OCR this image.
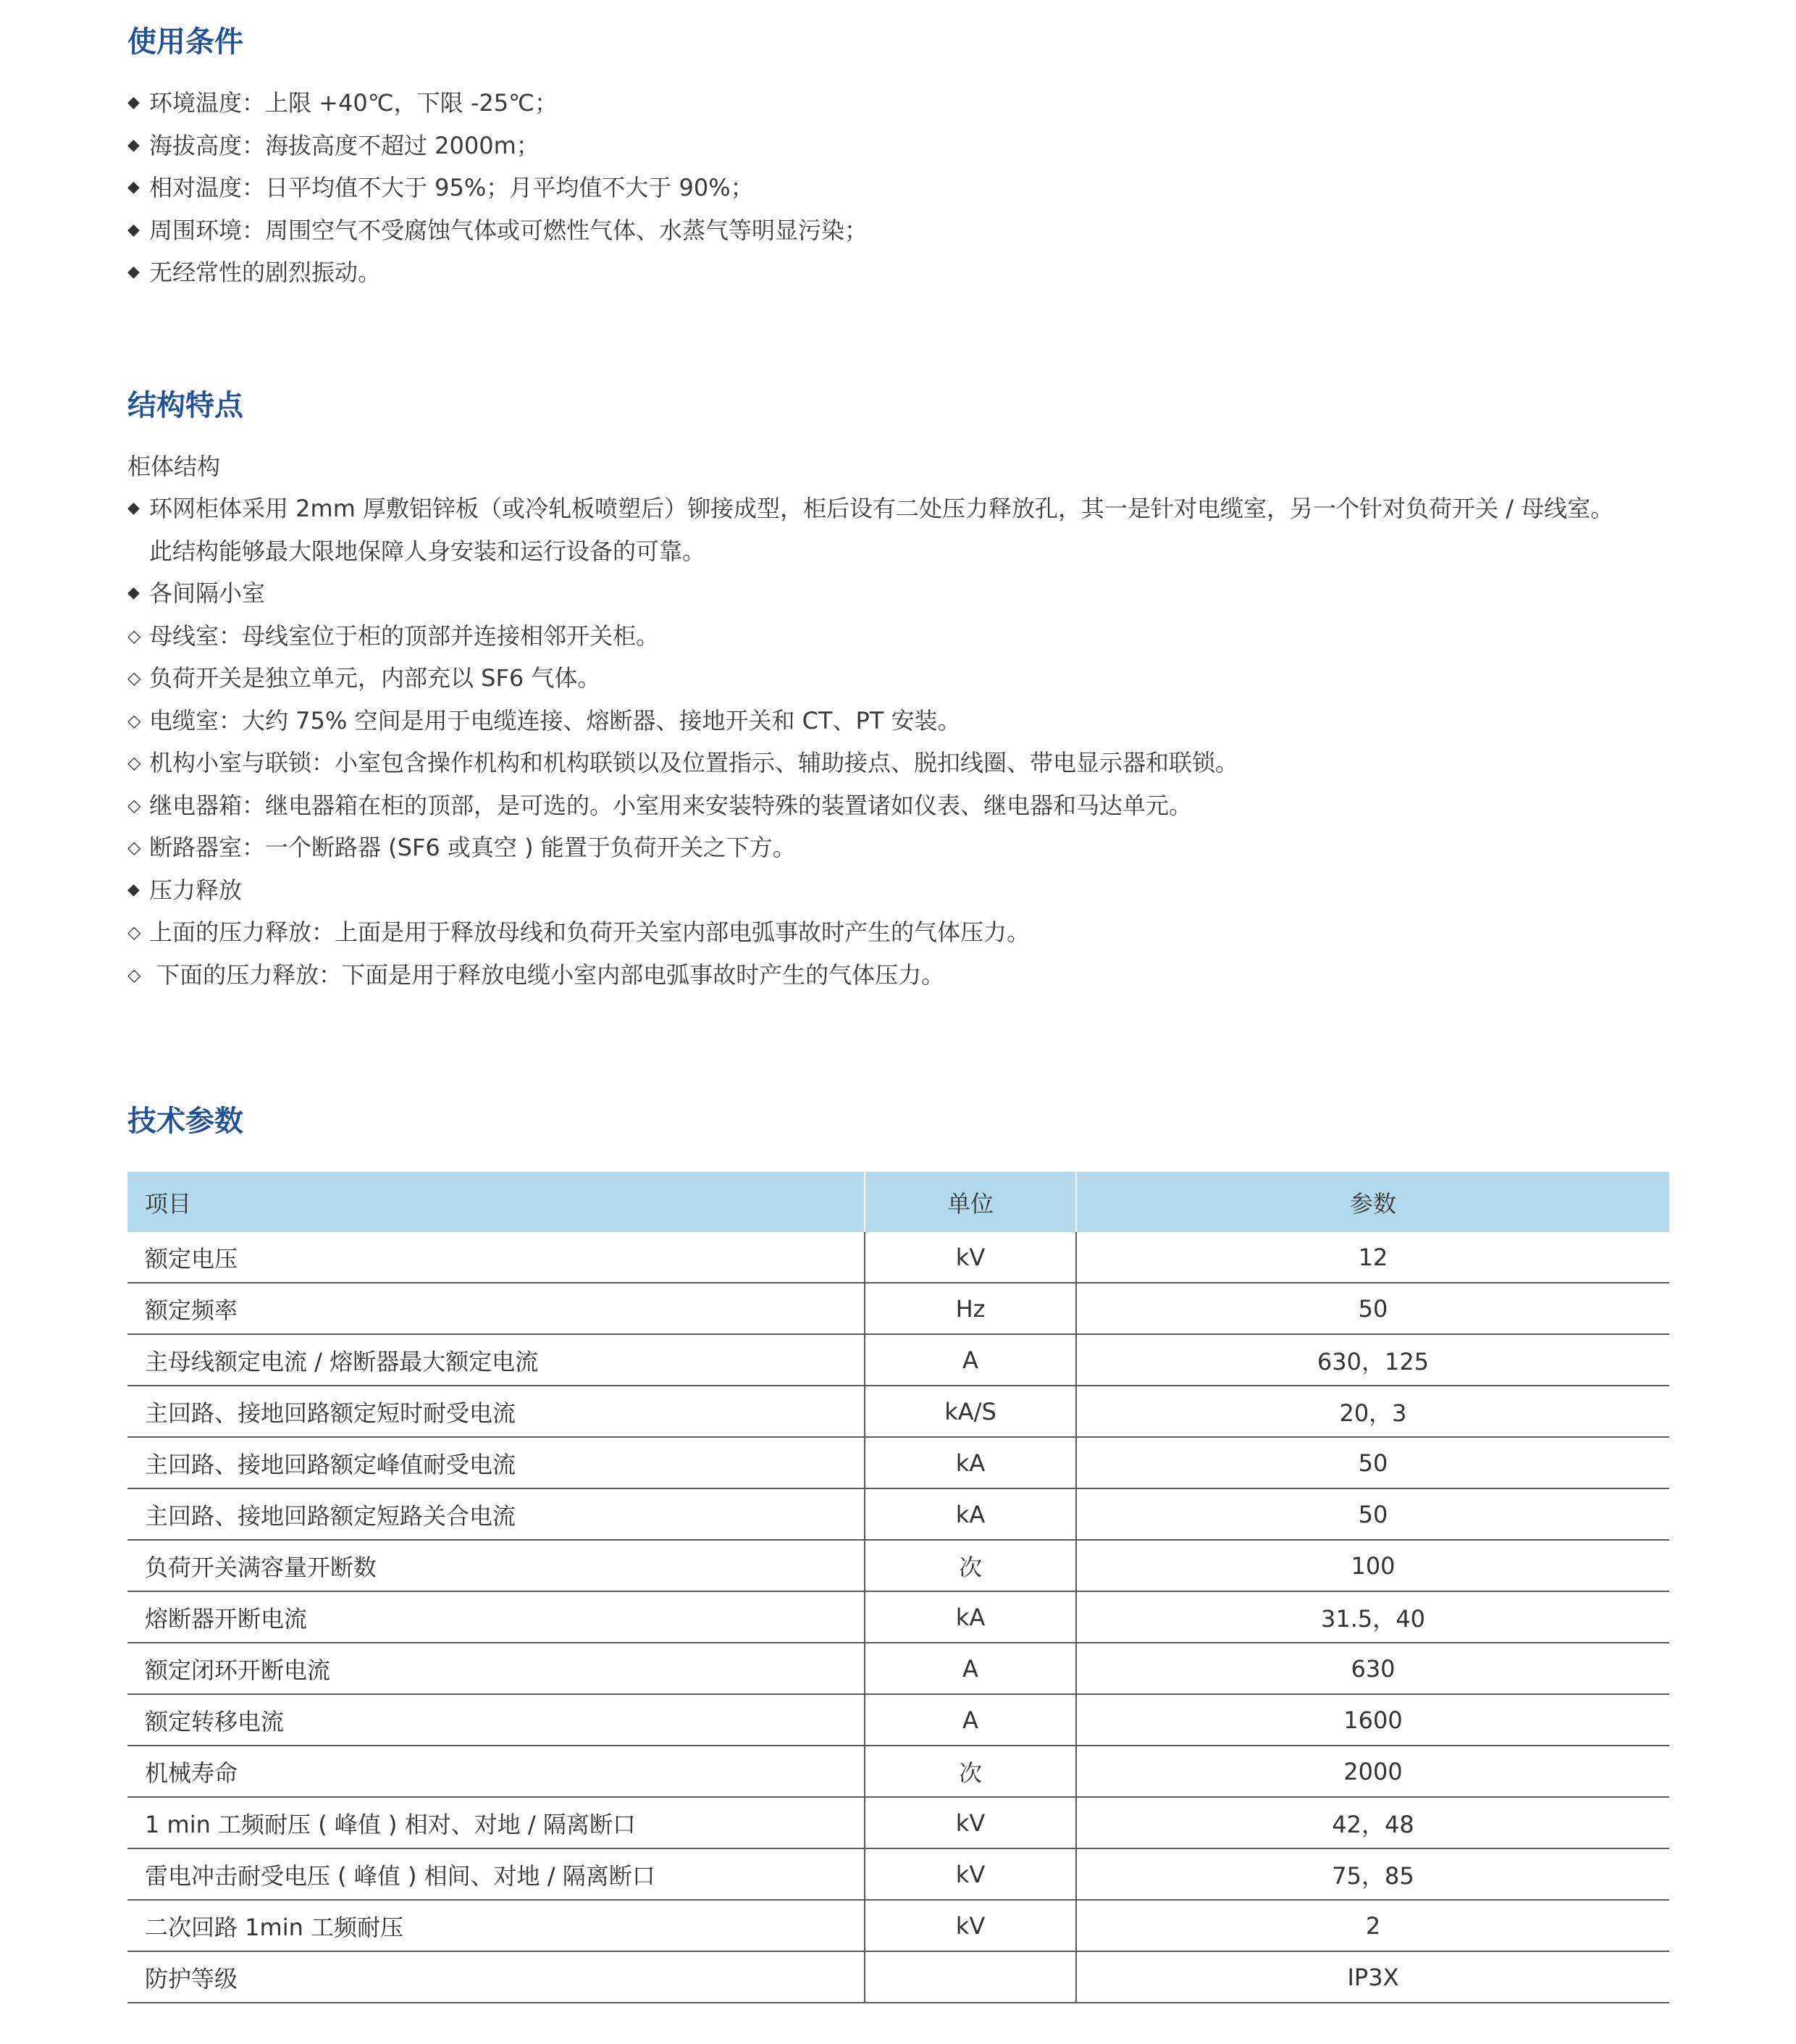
使用条件
◆ 环境温度：上限 +40℃，下限 -25℃；
◆ 海拔高度：海拔高度不超过 2000m；
◆ 相对温度：日平均值不大于 95%；月平均值不大于 90%；
◆ 周围环境：周围空气不受腐蚀气体或可燃性气体、水蒸气等明显污染；
◆ 无经常性的剧烈振动。
结构特点
柜体结构
◆ 环网柜体采用 2mm 厚敷铝锌板（或冷轧板喷塑后）铆接成型，柜后设有二处压力释放孔，其一是针对电缆室，另一个针对负荷开关 / 母线室。
此结构能够最大限地保障人身安装和运行设备的可靠。
◆ 各间隔小室
◇ 母线室：母线室位于柜的顶部并连接相邻开关柜。
◇ 负荷开关是独立单元，内部充以 SF6 气体。
◇ 电缆室：大约 75% 空间是用于电缆连接、熔断器、接地开关和 CT、PT 安装。
◇ 机构小室与联锁：小室包含操作机构和机构联锁以及位置指示、辅助接点、脱扣线圈、带电显示器和联锁。
◇ 继电器箱：继电器箱在柜的顶部，是可选的。小室用来安装特殊的装置诸如仪表、继电器和马达单元。
◇ 断路器室：一个断路器 (SF6 或真空 ) 能置于负荷开关之下方。
◆ 压力释放
◇ 上面的压力释放：上面是用于释放母线和负荷开关室内部电弧事故时产生的气体压力。
◇ 下面的压力释放：下面是用于释放电缆小室内部电弧事故时产生的气体压力。
技术参数
项目	单位	参数
额定电压	kV	12
额定频率	Hz	50
主母线额定电流 / 熔断器最大额定电流	A	630，125
主回路、接地回路额定短时耐受电流	kA/S	20，3
主回路、接地回路额定峰值耐受电流	kA	50
主回路、接地回路额定短路关合电流	kA	50
负荷开关满容量开断数	次	100
熔断器开断电流	kA	31.5，40
额定闭环开断电流	A	630
额定转移电流	A	1600
机械寿命	次	2000
1 min 工频耐压 ( 峰值 ) 相对、对地 / 隔离断口	kV	42，48
雷电冲击耐受电压 ( 峰值 ) 相间、对地 / 隔离断口	kV	75，85
二次回路 1min 工频耐压	kV	2
防护等级		IP3X
